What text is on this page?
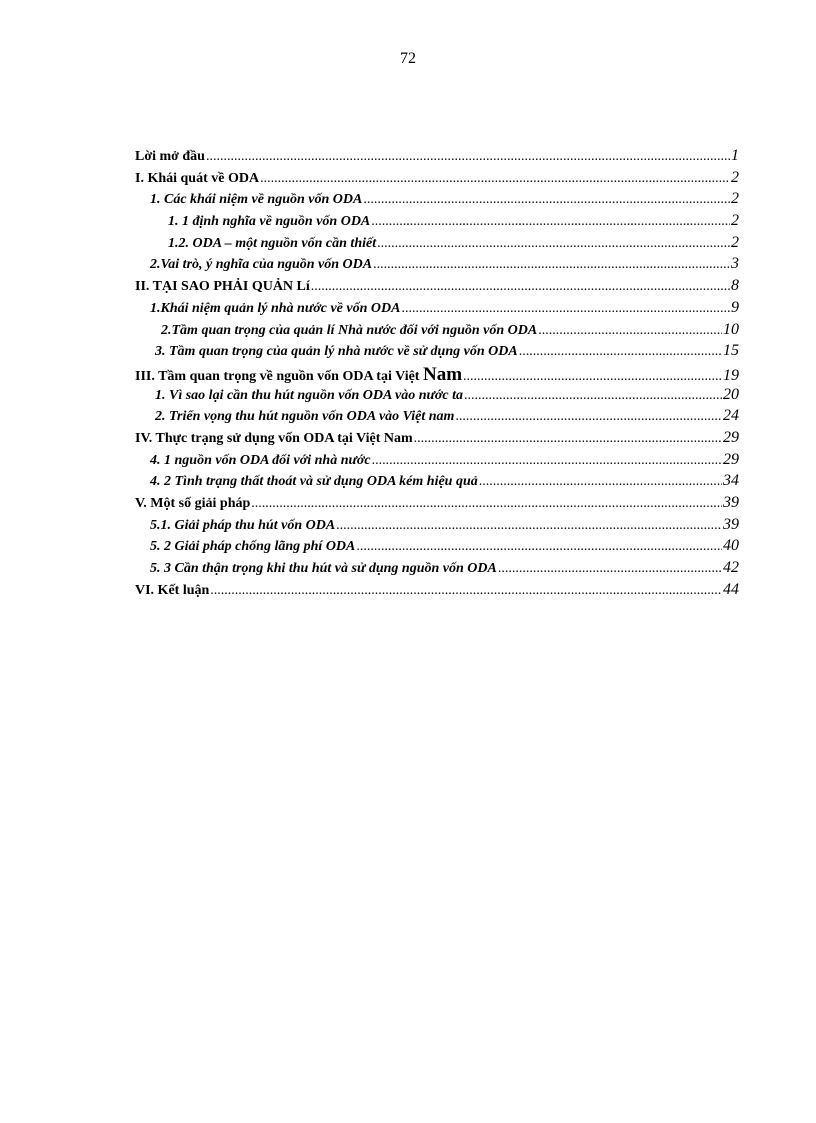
72
Lời mở đầu .....	1
I. Khái quát về ODA .....	2
1. Các khái niệm về nguồn vốn ODA .....	2
1. 1 định nghĩa về nguồn vốn ODA .....	2
1.2. ODA – một nguồn vốn cần thiết .....	2
2.Vai trò, ý nghĩa của nguồn vốn ODA .....	3
II. TẠI SAO PHẢI QUẢN Lí .....	8
1.Khái niệm quản lý nhà nước về vốn ODA .....	9
2.Tầm quan trọng của quản lí Nhà nước đối với nguồn vốn ODA .....	10
3. Tầm quan trọng của quản lý nhà nước về sử dụng vốn ODA .....	15
III. Tầm quan trọng về nguồn vốn ODA tại Việt Nam .....	19
1. Vì sao lại cần thu hút nguồn vốn ODA vào nước ta .....	20
2. Triển vọng thu hút nguồn vốn ODA vào Việt nam .....	24
IV. Thực trạng sử dụng vốn ODA tại Việt Nam .....	29
4. 1 nguồn vốn ODA đối với nhà nước .....	29
4. 2 Tình trạng thất thoát và sử dụng ODA kém hiệu quả .....	34
V. Một số giải pháp .....	39
5.1. Giải pháp thu hút vốn ODA .....	39
5. 2 Giải pháp chống lãng phí ODA .....	40
5. 3 Cần thận trọng khi thu hút và sử dụng nguồn vốn ODA .....	42
VI. Kết luận .....	44
